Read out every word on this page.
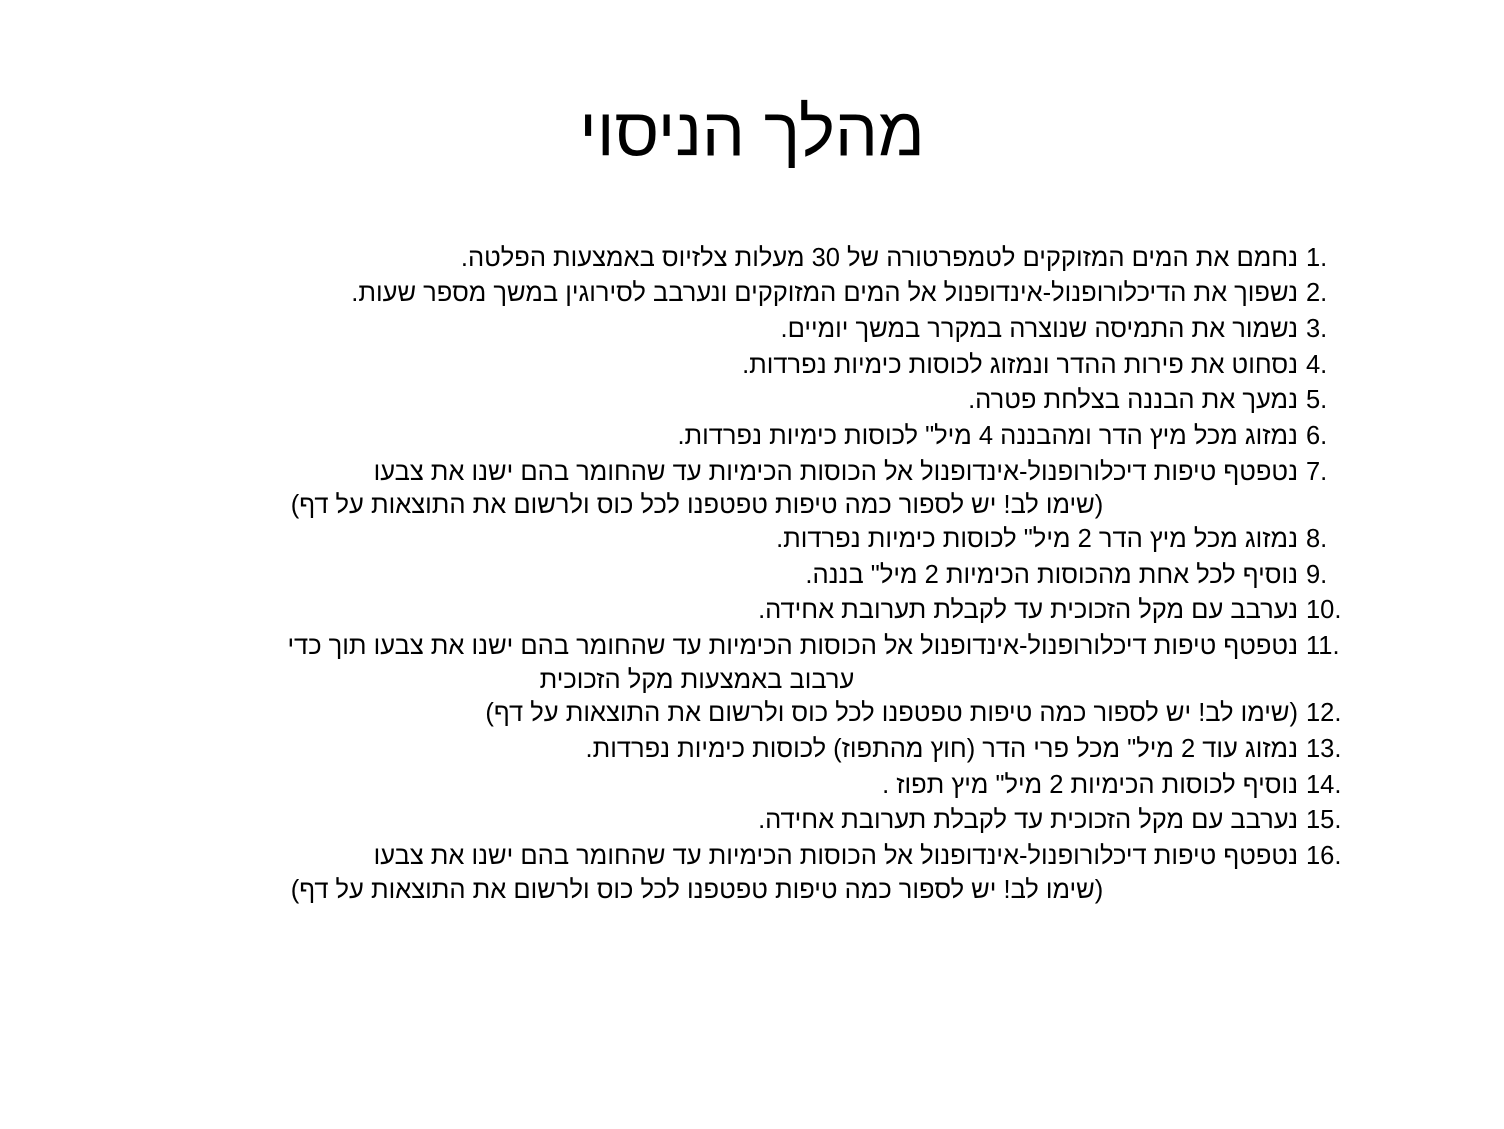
מהלך הניסוי
1.
נחמם את המים המזוקקים לטמפרטורה של 30 מעלות צלזיוס באמצעות הפלטה.
2.
נשפוך את הדיכלורופנול-אינדופנול אל המים המזוקקים ונערבב לסירוגין במשך מספר שעות.
3.
נשמור את התמיסה שנוצרה במקרר במשך יומיים.
4.
נסחוט את פירות ההדר ונמזוג לכוסות כימיות נפרדות.
5.
נמעך את הבננה בצלחת פטרה.
6.
נמזוג מכל מיץ הדר ומהבננה 4 מיל" לכוסות כימיות נפרדות.
7.
נטפטף טיפות דיכלורופנול-אינדופנול אל הכוסות הכימיות עד שהחומר בהם ישנו את צבעו
(שימו לב! יש לספור כמה טיפות טפטפנו לכל כוס ולרשום את התוצאות על דף)
8.
נמזוג מכל מיץ הדר 2 מיל" לכוסות כימיות נפרדות.
9.
נוסיף לכל אחת מהכוסות הכימיות 2 מיל" בננה.
10.
נערבב עם מקל הזכוכית עד לקבלת תערובת אחידה.
11.
נטפטף טיפות דיכלורופנול-אינדופנול אל הכוסות הכימיות עד שהחומר בהם ישנו את צבעו תוך כדי
ערבוב באמצעות מקל הזכוכית
12.
(שימו לב! יש לספור כמה טיפות טפטפנו לכל כוס ולרשום את התוצאות על דף)
13.
נמזוג עוד 2 מיל" מכל פרי הדר (חוץ מהתפוז) לכוסות כימיות נפרדות.
14.
נוסיף לכוסות הכימיות 2 מיל" מיץ תפוז .
15.
נערבב עם מקל הזכוכית עד לקבלת תערובת אחידה.
16.
נטפטף טיפות דיכלורופנול-אינדופנול אל הכוסות הכימיות עד שהחומר בהם ישנו את צבעו
(שימו לב! יש לספור כמה טיפות טפטפנו לכל כוס ולרשום את התוצאות על דף)
